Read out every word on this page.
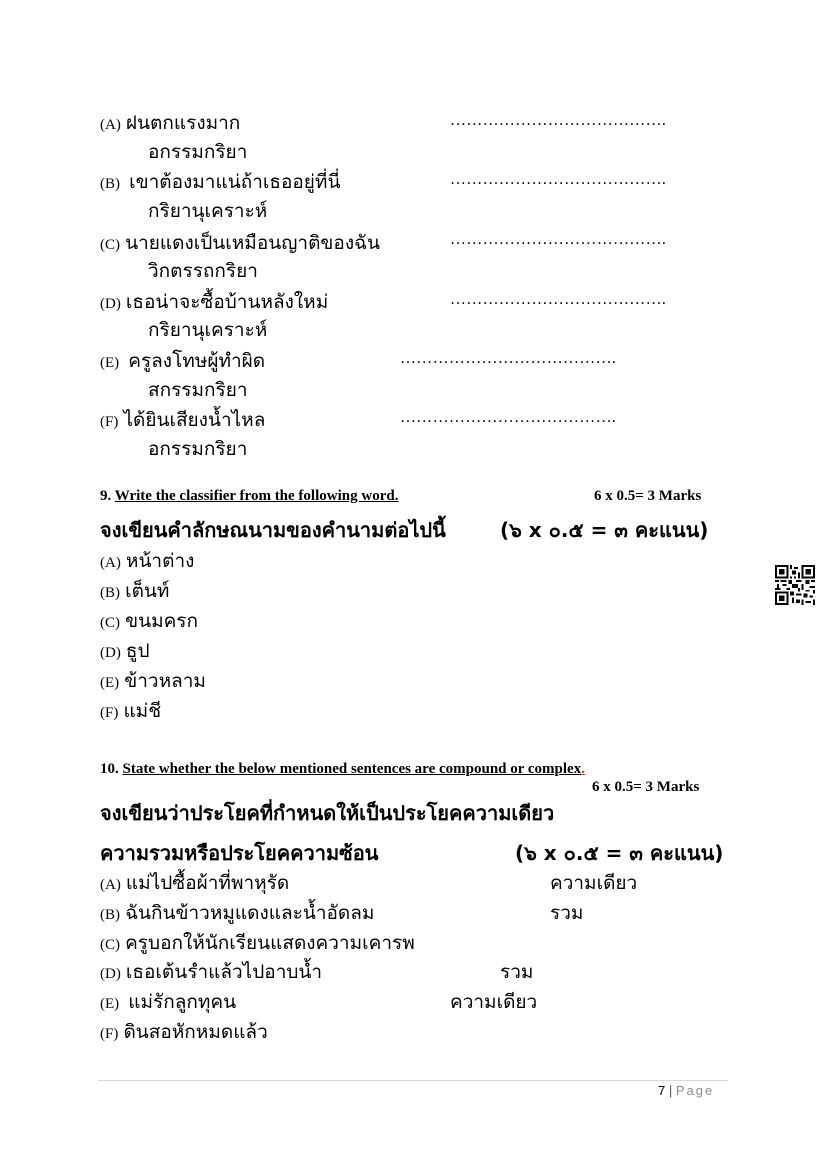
(A) ฝนตกแรงมาก	………………………………….
อกรรมกริยา
(B) เขาต้องมาแน่ถ้าเธออยู่ที่นี่	………………………………….
กริยานุเคราะห์
(C) นายแดงเป็นเหมือนญาติของฉัน	………………………………….
วิกตรรถกริยา
(D) เธอน่าจะซื้อบ้านหลังใหม่	………………………………….
กริยานุเคราะห์
(E) ครูลงโทษผู้ทำผิด	………………………………….
สกรรมกริยา
(F) ได้ยินเสียงน้ำไหล	………………………………….
อกรรมกริยา
9. Write the classifier from the following word.	6 x 0.5= 3 Marks
จงเขียนคำลักษณนามของคำนามต่อไปนี้	(๖ x ๐.๕ = ๓ คะแนน)
(A) หน้าต่าง
(B) เต็นท์
(C) ขนมครก
(D) ธูป
(E) ข้าวหลาม
(F) แม่ชี
10. State whether the below mentioned sentences are compound or complex.
6 x 0.5= 3 Marks
จงเขียนว่าประโยคที่กำหนดให้เป็นประโยคความเดียว
ความรวมหรือประโยคความซ้อน	(๖ x ๐.๕ = ๓ คะแนน)
(A) แม่ไปซื้อผ้าที่พาหุรัด	ความเดียว
(B) ฉันกินข้าวหมูแดงและน้ำอัดลม	รวม
(C) ครูบอกให้นักเรียนแสดงความเคารพ
(D) เธอเต้นรำแล้วไปอาบน้ำ	รวม
(E) แม่รักลูกทุคน	ความเดียว
(F) ดินสอหักหมดแล้ว
7 | Page
